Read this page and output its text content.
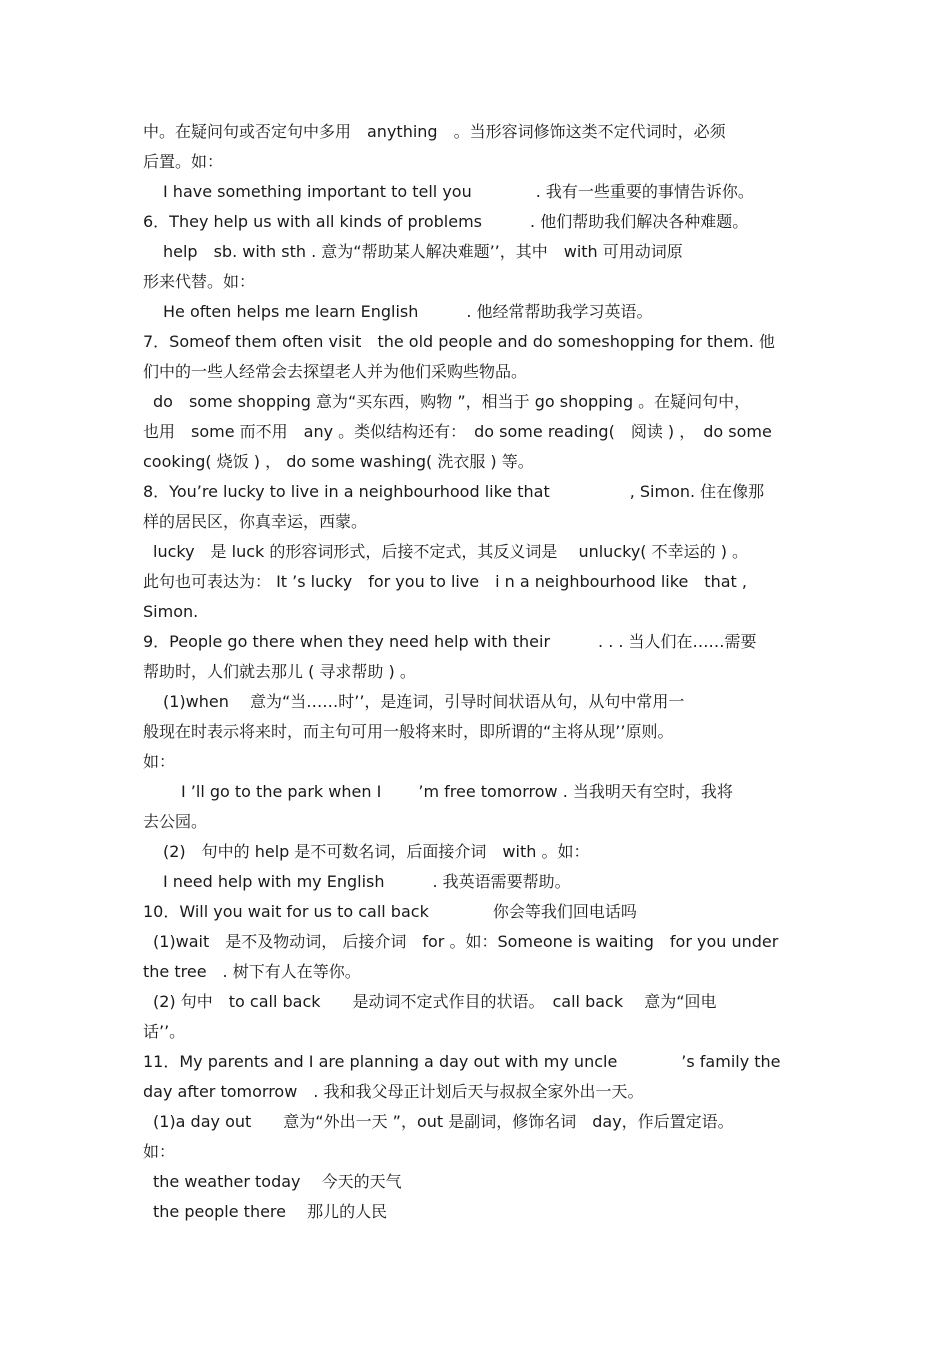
中。在疑问句或否定句中多用　anything　。当形容词修饰这类不定代词时，必须
后置。如：
I have something important to tell you　　　　. 我有一些重要的事情告诉你。
6．They help us with all kinds of problems　　　. 他们帮助我们解决各种难题。
help　sb. with sth . 意为“帮助某人解决难题’’，其中　with 可用动词原
形来代替。如：
He often helps me learn English　　　. 他经常帮助我学习英语。
7．Someof them often visit　the old people and do someshopping for them. 他
们中的一些人经常会去探望老人并为他们采购些物品。
do　some shopping 意为“买东西，购物 ”，相当于 go shopping 。在疑问句中，
也用　some 而不用　any 。类似结构还有：　do some reading(　阅读 ) ，　do some
cooking( 烧饭 ) ， do some washing( 洗衣服 ) 等。
8．You’re lucky to live in a neighbourhood like that　　　　　, Simon. 住在像那
样的居民区，你真幸运，西蒙。
lucky　是 luck 的形容词形式，后接不定式，其反义词是　 unlucky( 不幸运的 ) 。
此句也可表达为： It ’s lucky　for you to live　i n a neighbourhood like　that ,
Simon.
9．People go there when they need help with their　　　. . . 当人们在……需要
帮助时，人们就去那儿 ( 寻求帮助 ) 。
(1)when　 意为“当……时’’，是连词，引导时间状语从句，从句中常用一
般现在时表示将来时，而主句可用一般将来时，即所谓的“主将从现’’原则。
如：
I ’ll go to the park when I　　 ’m free tomorrow . 当我明天有空时，我将
去公园。
(2)　句中的 help 是不可数名词，后面接介词　with 。如：
I need help with my English　　　. 我英语需要帮助。
10．Will you wait for us to call back　　　　你会等我们回电话吗
(1)wait　是不及物动词， 后接介词　for 。如：Someone is waiting　for you under
the tree　. 树下有人在等你。
(2) 句中　to call back　　是动词不定式作目的状语。　call back　 意为“回电
话’’。
11．My parents and I are planning a day out with my uncle　　　　’s family the
day after tomorrow　. 我和我父母正计划后天与叔叔全家外出一天。
(1)a day out　　意为“外出一天 ”，out 是副词，修饰名词　day，作后置定语。
如：
the weather today　 今天的天气
the people there　 那儿的人民
